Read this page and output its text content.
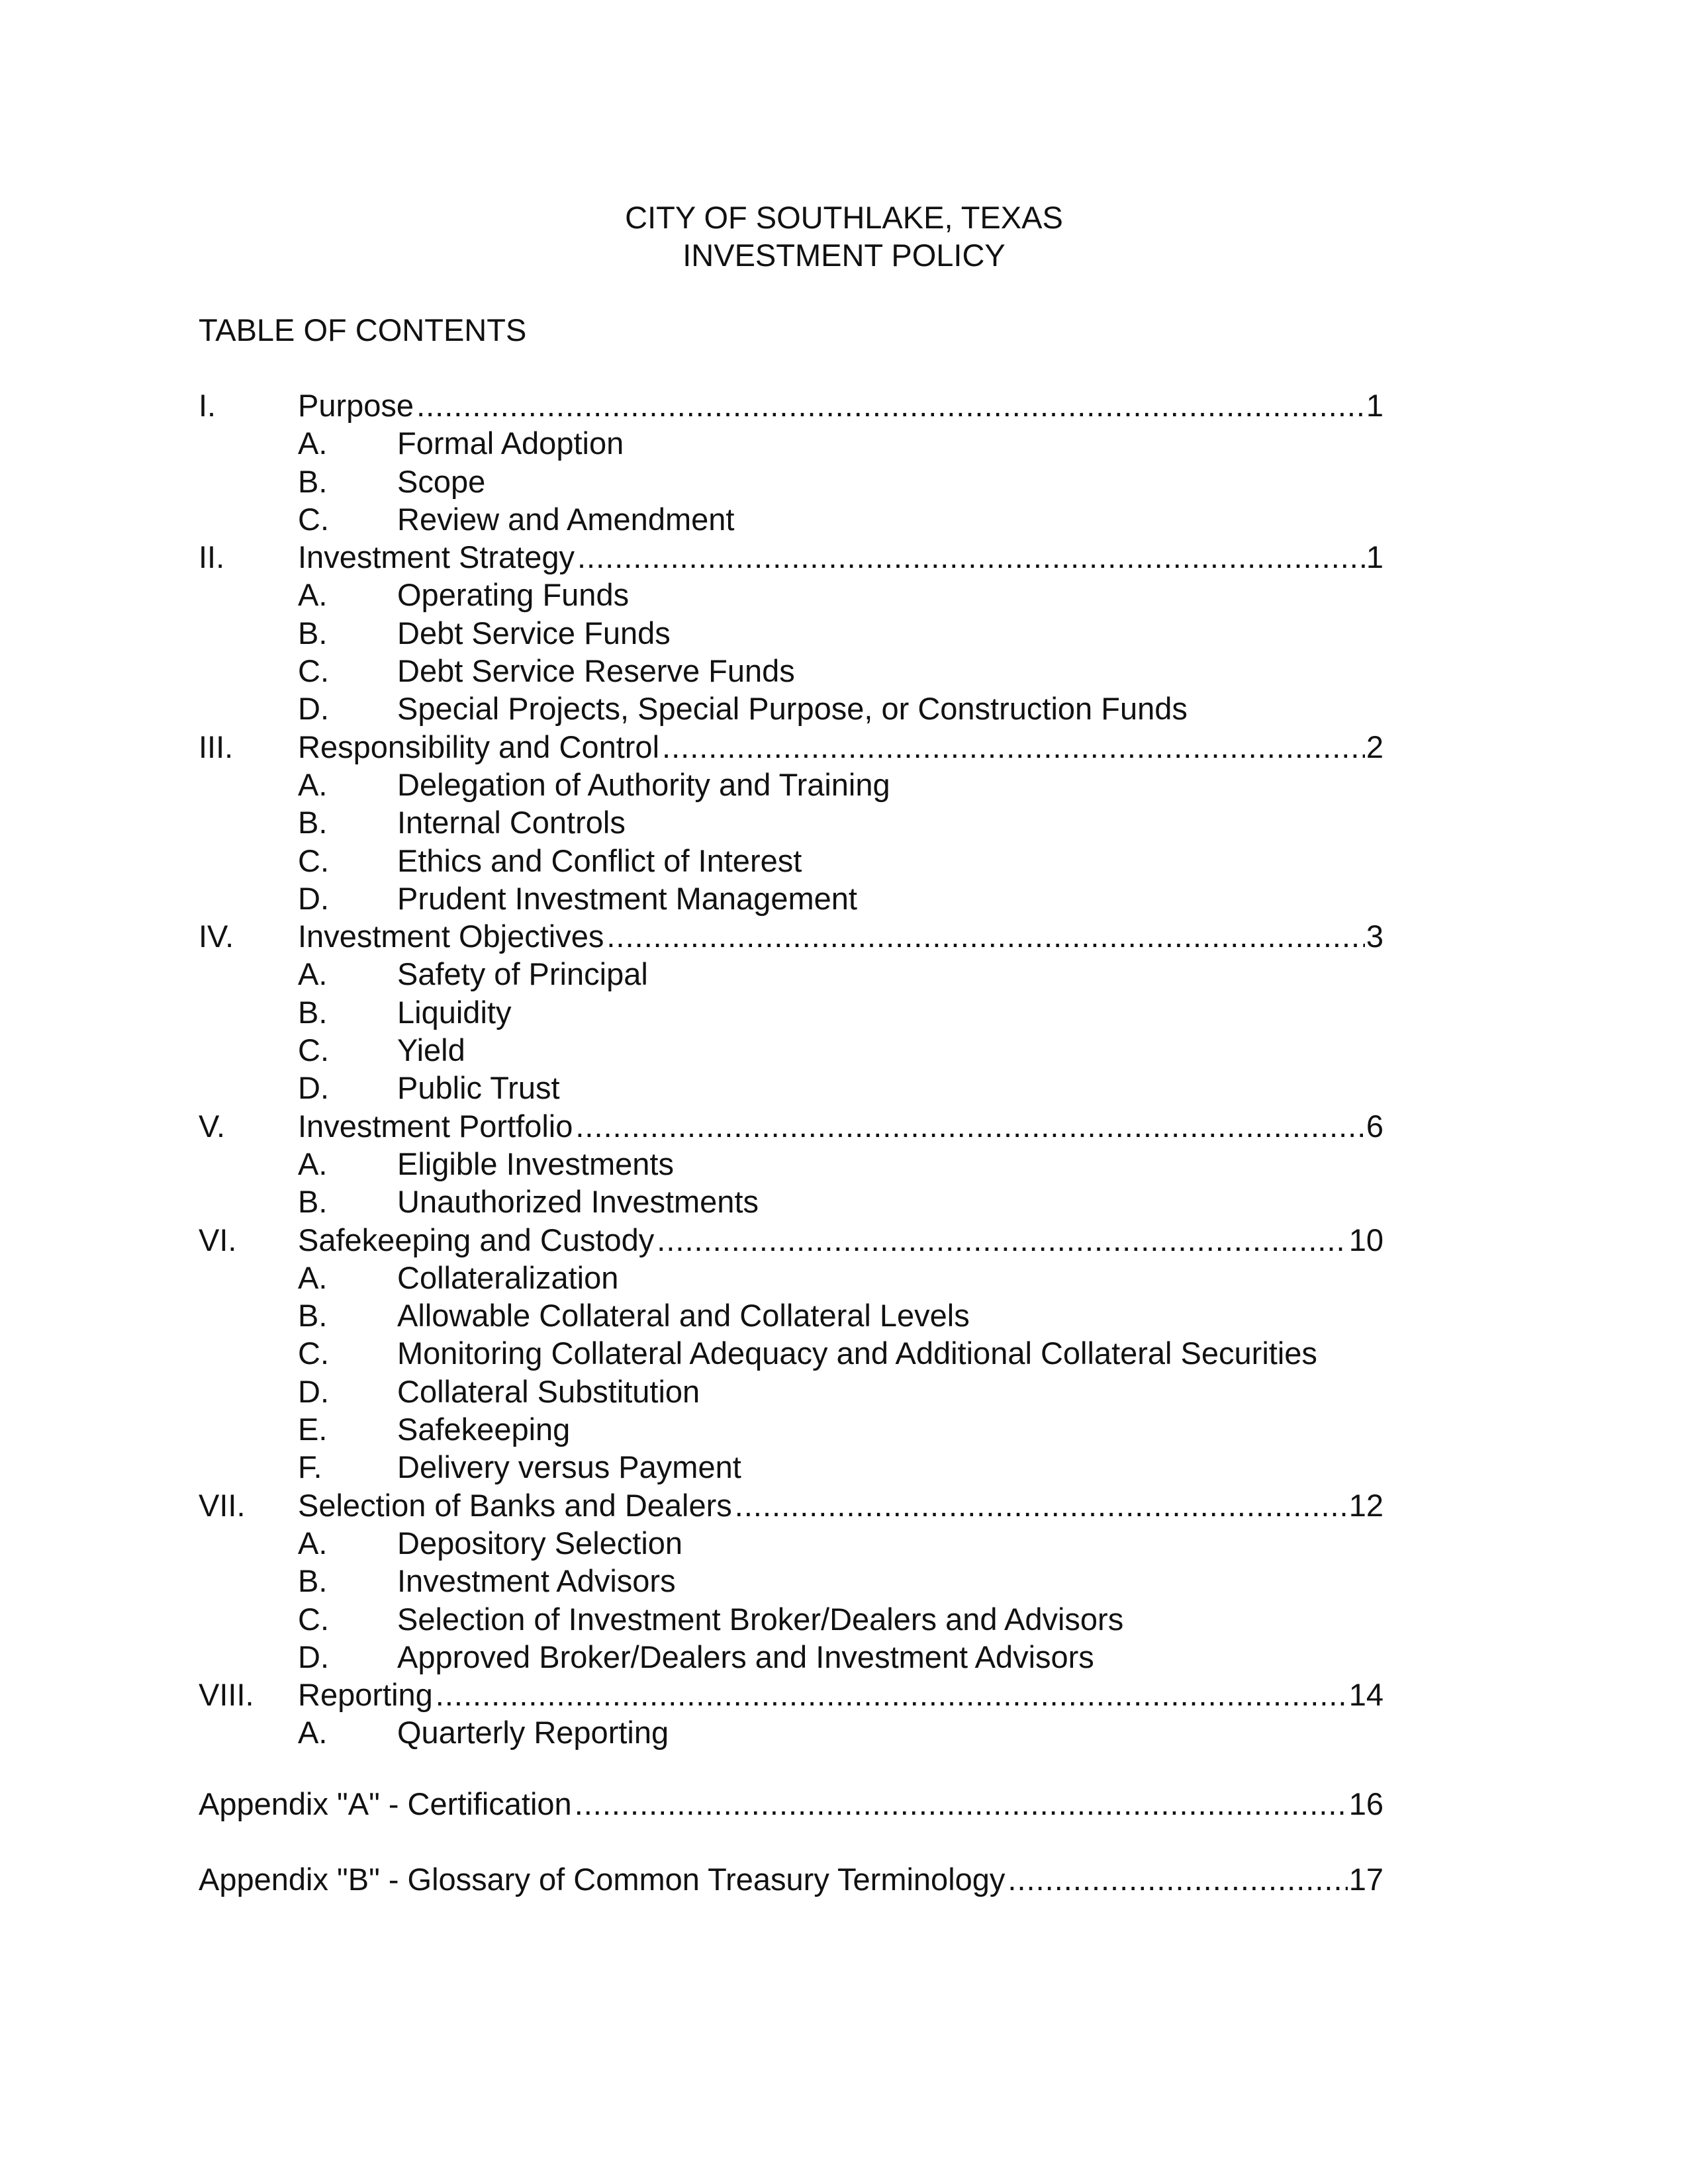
CITY OF SOUTHLAKE, TEXAS
INVESTMENT POLICY
TABLE OF CONTENTS
I.	Purpose .....	1
A. Formal Adoption
B. Scope
C. Review and Amendment
II. Investment Strategy .....	1
A. Operating Funds
B. Debt Service Funds
C. Debt Service Reserve Funds
D. Special Projects, Special Purpose, or Construction Funds
III. Responsibility and Control .....	2
A. Delegation of Authority and Training
B. Internal Controls
C. Ethics and Conflict of Interest
D. Prudent Investment Management
IV. Investment Objectives .....	3
A. Safety of Principal
B. Liquidity
C. Yield
D. Public Trust
V. Investment Portfolio .....	6
A. Eligible Investments
B. Unauthorized Investments
VI. Safekeeping and Custody .....	10
A. Collateralization
B. Allowable Collateral and Collateral Levels
C. Monitoring Collateral Adequacy and Additional Collateral Securities
D. Collateral Substitution
E. Safekeeping
F. Delivery versus Payment
VII. Selection of Banks and Dealers .....	12
A. Depository Selection
B. Investment Advisors
C. Selection of Investment Broker/Dealers and Advisors
D. Approved Broker/Dealers and Investment Advisors
VIII. Reporting .....	14
A. Quarterly Reporting
Appendix "A" - Certification .....	16
Appendix "B" - Glossary of Common Treasury Terminology .....	17
